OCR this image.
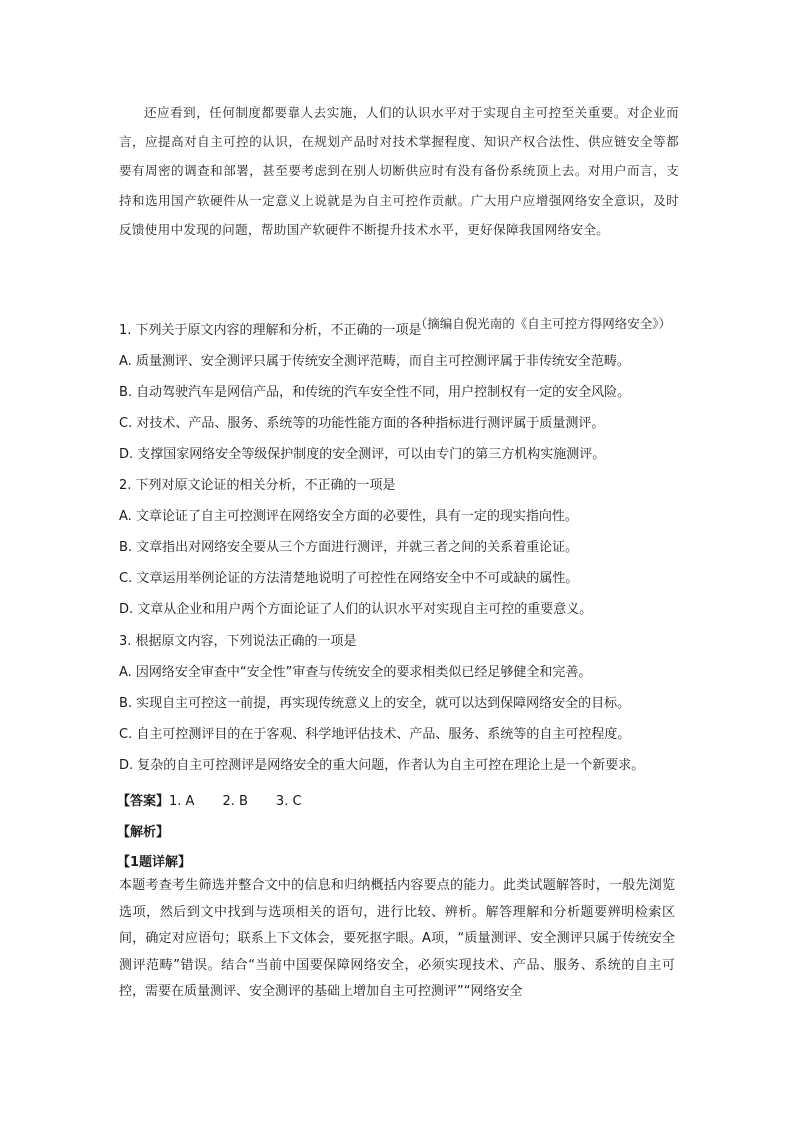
还应看到，任何制度都要靠人去实施，人们的认识水平对于实现自主可控至关重要。对企业而言，应提高对自主可控的认识，在规划产品时对技术掌握程度、知识产权合法性、供应链安全等都要有周密的调查和部署，甚至要考虑到在别人切断供应时有没有备份系统顶上去。对用户而言，支持和选用国产软硬件从一定意义上说就是为自主可控作贡献。广大用户应增强网络安全意识，及时反馈使用中发现的问题，帮助国产软硬件不断提升技术水平，更好保障我国网络安全。

（摘编自倪光南的《自主可控方得网络安全》）
1. 下列关于原文内容的理解和分析，不正确的一项是
A. 质量测评、安全测评只属于传统安全测评范畴，而自主可控测评属于非传统安全范畴。
B. 自动驾驶汽车是网信产品，和传统的汽车安全性不同，用户控制权有一定的安全风险。
C. 对技术、产品、服务、系统等的功能性能方面的各种指标进行测评属于质量测评。
D. 支撑国家网络安全等级保护制度的安全测评，可以由专门的第三方机构实施测评。
2. 下列对原文论证的相关分析，不正确的一项是
A. 文章论证了自主可控测评在网络安全方面的必要性，具有一定的现实指向性。
B. 文章指出对网络安全要从三个方面进行测评，并就三者之间的关系着重论证。
C. 文章运用举例论证的方法清楚地说明了可控性在网络安全中不可或缺的属性。
D. 文章从企业和用户两个方面论证了人们的认识水平对实现自主可控的重要意义。
3. 根据原文内容，下列说法正确的一项是
A. 因网络安全审查中“安全性”审查与传统安全的要求相类似已经足够健全和完善。
B. 实现自主可控这一前提，再实现传统意义上的安全，就可以达到保障网络安全的目标。
C. 自主可控测评目的在于客观、科学地评估技术、产品、服务、系统等的自主可控程度。
D. 复杂的自主可控测评是网络安全的重大问题，作者认为自主可控在理论上是一个新要求。
【答案】1. A 2. B 3. C
【解析】
【1题详解】

本题考查考生筛选并整合文中的信息和归纳概括内容要点的能力。此类试题解答时，一般先浏览选项，然后到文中找到与选项相关的语句，进行比较、辨析。解答理解和分析题要辨明检索区间，确定对应语句；联系上下文体会，要死抠字眼。A项，“质量测评、安全测评只属于传统安全测评范畴”错误。结合“当前中国要保障网络安全，必须实现技术、产品、服务、系统的自主可控，需要在质量测评、安全测评的基础上增加自主可控测评”“网络安全
